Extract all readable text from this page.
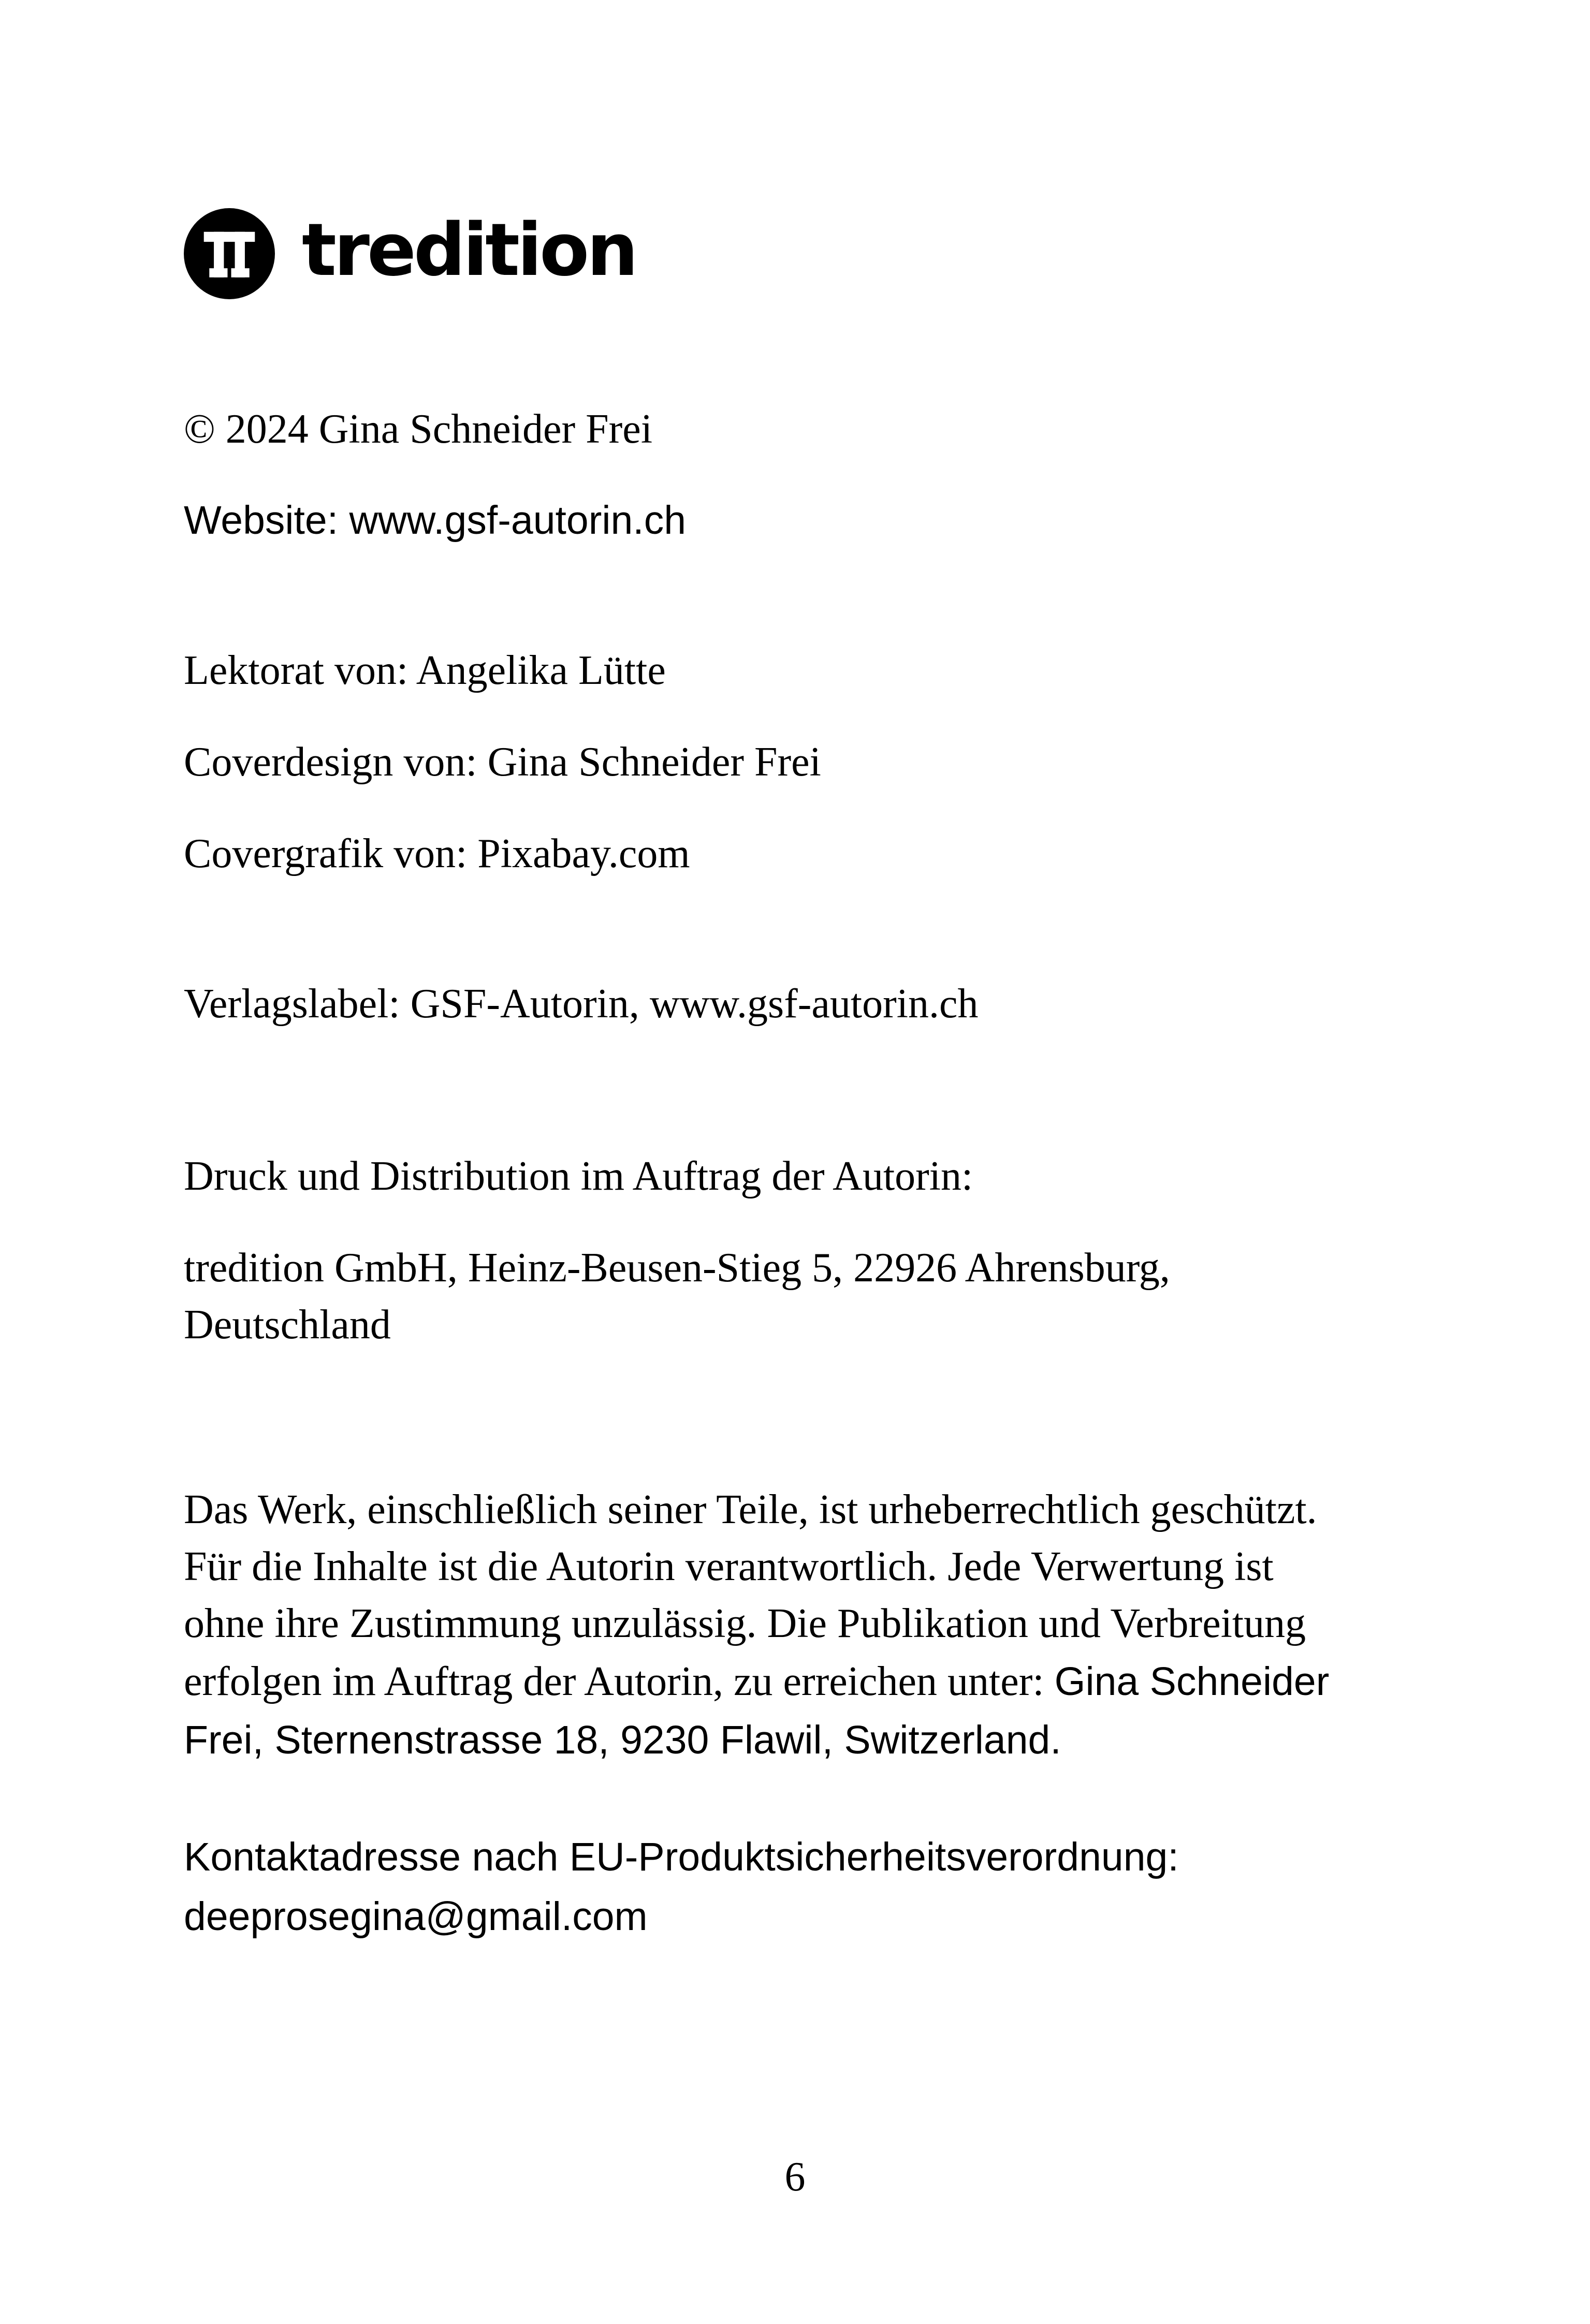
tredition
© 2024 Gina Schneider Frei
Website: www.gsf-autorin.ch
Lektorat von: Angelika Lütte
Coverdesign von: Gina Schneider Frei
Covergrafik von: Pixabay.com
Verlagslabel: GSF-Autorin, www.gsf-autorin.ch
Druck und Distribution im Auftrag der Autorin:
tredition GmbH, Heinz-Beusen-Stieg 5, 22926 Ahrensburg,
Deutschland
Das Werk, einschließlich seiner Teile, ist urheberrechtlich geschützt.
Für die Inhalte ist die Autorin verantwortlich. Jede Verwertung ist
ohne ihre Zustimmung unzulässig. Die Publikation und Verbreitung
erfolgen im Auftrag der Autorin, zu erreichen unter: Gina Schneider
Frei, Sternenstrasse 18, 9230 Flawil, Switzerland.
Kontaktadresse nach EU-Produktsicherheitsverordnung:
deeprosegina@gmail.com
6
